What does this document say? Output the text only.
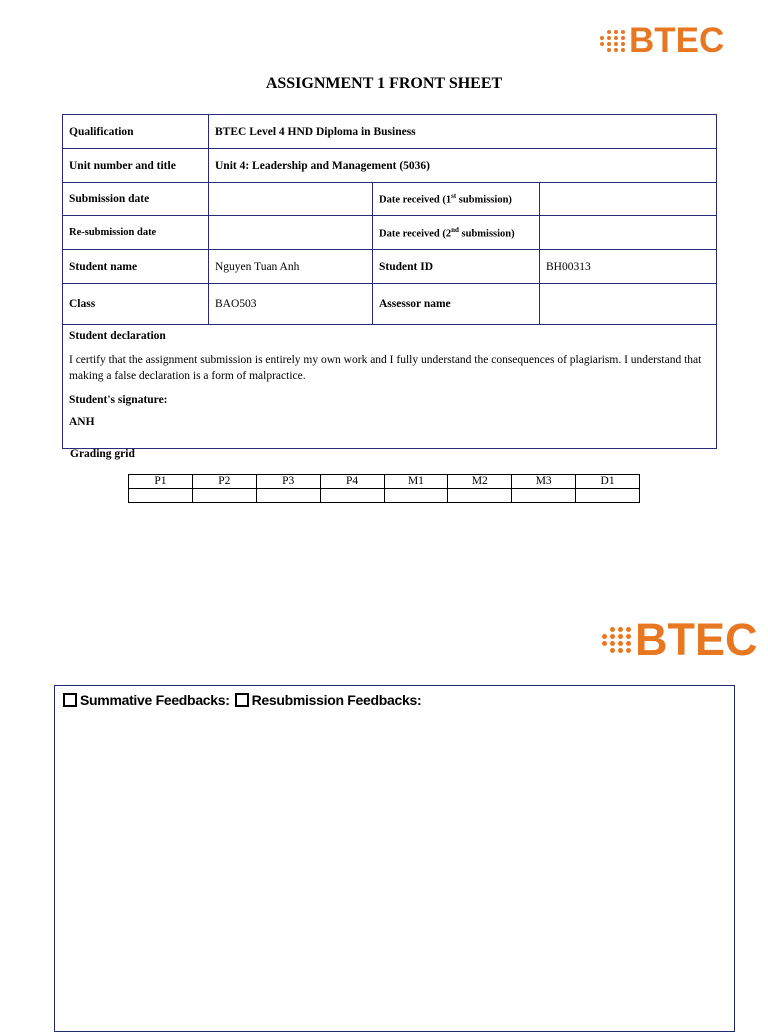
BTEC
ASSIGNMENT 1 FRONT SHEET
Qualification	BTEC Level 4 HND Diploma in Business		
Unit number and title	Unit 4: Leadership and Management (5036)		
Submission date		Date received (1st submission)	
Re-submission date		Date received (2nd submission)	
Student name	Nguyen Tuan Anh	Student ID	BH00313
Class	BAO503	Assessor name	

Student declaration

I certify that the assignment submission is entirely my own work and I fully understand the consequences of plagiarism. I understand that making a false declaration is a form of malpractice.

Student's signature:

ANH			

Grading grid
P1	P2	P3	P4	M1	M2	M3	D1

BTEC
Summative Feedbacks: Resubmission Feedbacks:
